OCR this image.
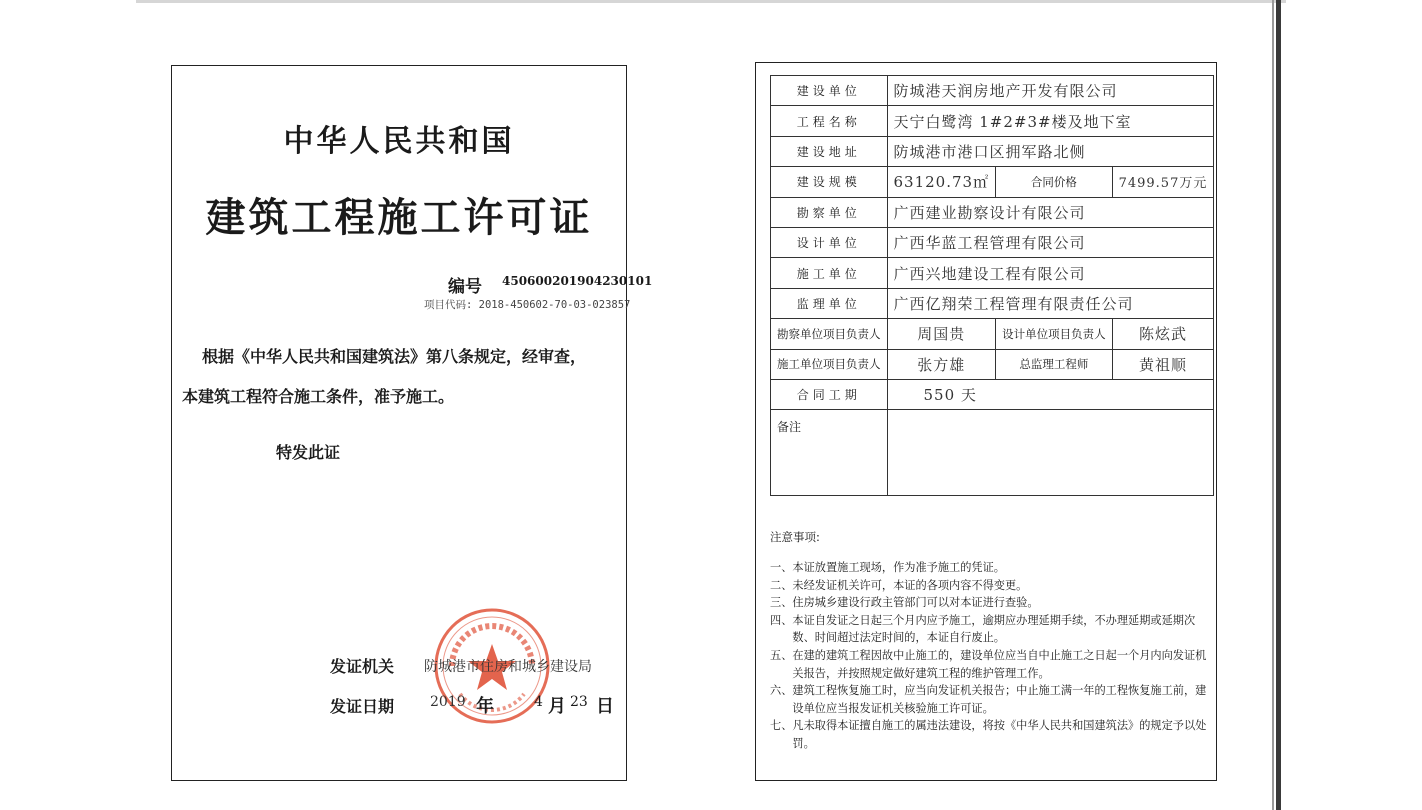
中华人民共和国
建筑工程施工许可证
编号 450600201904230101
项目代码: 2018-450602-70-03-023857
根据《中华人民共和国建筑法》第八条规定，经审查，
本建筑工程符合施工条件，准予施工。
特发此证
发证机关 防城港市住房和城乡建设局
发证日期	2019 年	4 月 23 日
建设单位	防城港天润房地产开发有限公司		
工程名称	天宁白鹭湾 1#2#3#楼及地下室		
建设地址	防城港市港口区拥军路北侧		
建设规模	63120.73㎡	合同价格	7499.57万元
勘察单位	广西建业勘察设计有限公司		
设计单位	广西华蓝工程管理有限公司		
施工单位	广西兴地建设工程有限公司		
监理单位	广西亿翔荣工程管理有限责任公司		
勘察单位项目负责人	周国贵	设计单位项目负责人	陈炫武
施工单位项目负责人	张方雄	总监理工程师	黄祖顺
合同工期	550 天		
备注			
注意事项:
一、 本证放置施工现场，作为准予施工的凭证。
二、 未经发证机关许可，本证的各项内容不得变更。
三、 住房城乡建设行政主管部门可以对本证进行查验。
四、 本证自发证之日起三个月内应予施工，逾期应办理延期手续，不办理延期或延期次数、时间超过法定时间的，本证自行废止。
五、 在建的建筑工程因故中止施工的，建设单位应当自中止施工之日起一个月内向发证机关报告，并按照规定做好建筑工程的维护管理工作。
六、 建筑工程恢复施工时，应当向发证机关报告；中止施工满一年的工程恢复施工前，建设单位应当报发证机关核验施工许可证。
七、 凡未取得本证擅自施工的属违法建设，将按《中华人民共和国建筑法》的规定予以处罚。
